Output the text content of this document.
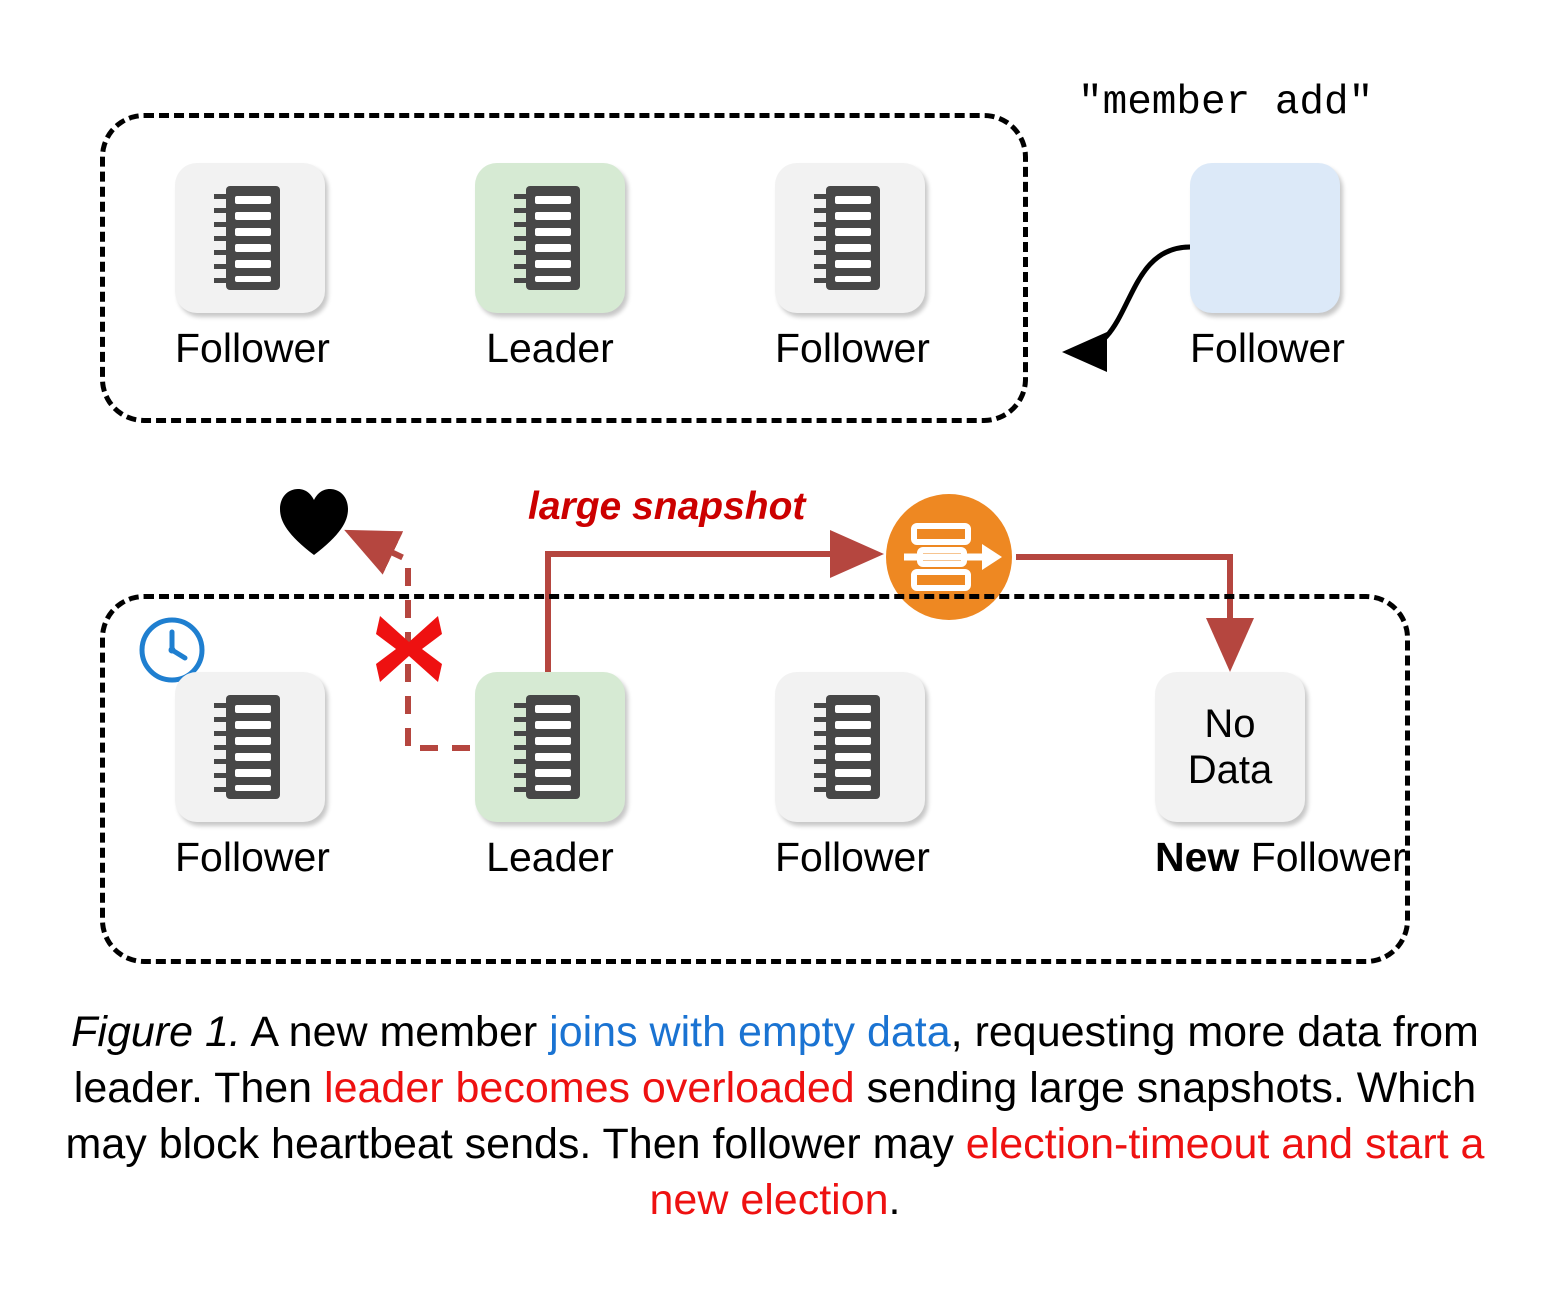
Follower	Leader	Follower	Follower
"member add"
large snapshot
Follower	Leader	Follower
No
Data
New Follower
Figure 1. A new member joins with empty data, requesting more data from leader. Then leader becomes overloaded sending large snapshots. Which may block heartbeat sends. Then follower may election-timeout and start a new election.
